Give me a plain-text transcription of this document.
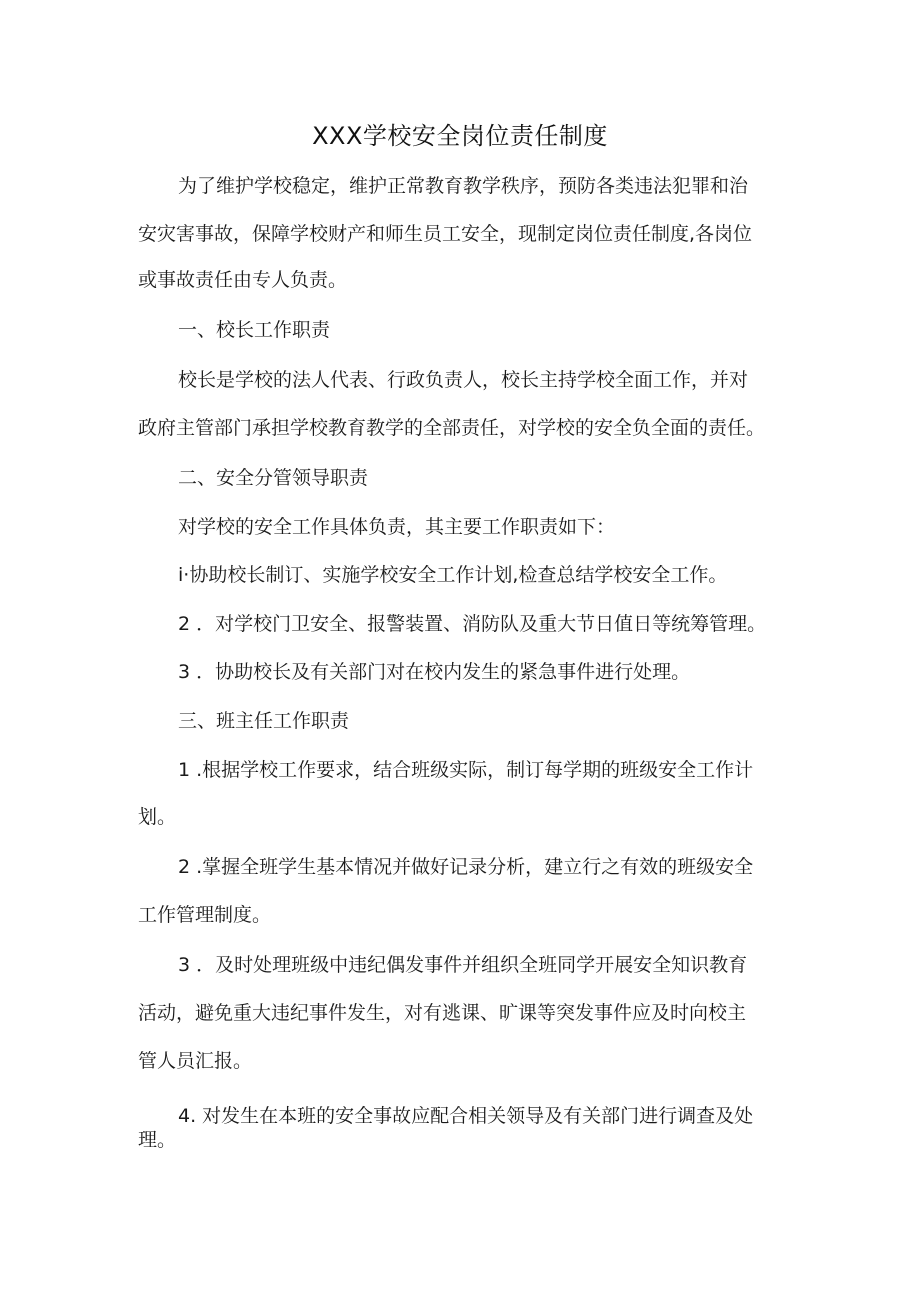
XXX学校安全岗位责任制度
为了维护学校稳定，维护正常教育教学秩序，预防各类违法犯罪和治
安灾害事故，保障学校财产和师生员工安全，现制定岗位责任制度,各岗位
或事故责任由专人负责。
一、校长工作职责
校长是学校的法人代表、行政负责人，校长主持学校全面工作，并对
政府主管部门承担学校教育教学的全部责任，对学校的安全负全面的责任。
二、安全分管领导职责
对学校的安全工作具体负责，其主要工作职责如下：
i·协助校长制订、实施学校安全工作计划,检查总结学校安全工作。
2 ．对学校门卫安全、报警装置、消防队及重大节日值日等统筹管理。
3 ．协助校长及有关部门对在校内发生的紧急事件进行处理。
三、班主任工作职责
1 .根据学校工作要求，结合班级实际，制订每学期的班级安全工作计
划。
2 .掌握全班学生基本情况并做好记录分析，建立行之有效的班级安全
工作管理制度。
3 ．及时处理班级中违纪偶发事件并组织全班同学开展安全知识教育
活动，避免重大违纪事件发生，对有逃课、旷课等突发事件应及时向校主
管人员汇报。
4. 对发生在本班的安全事故应配合相关领导及有关部门进行调查及处
理。
